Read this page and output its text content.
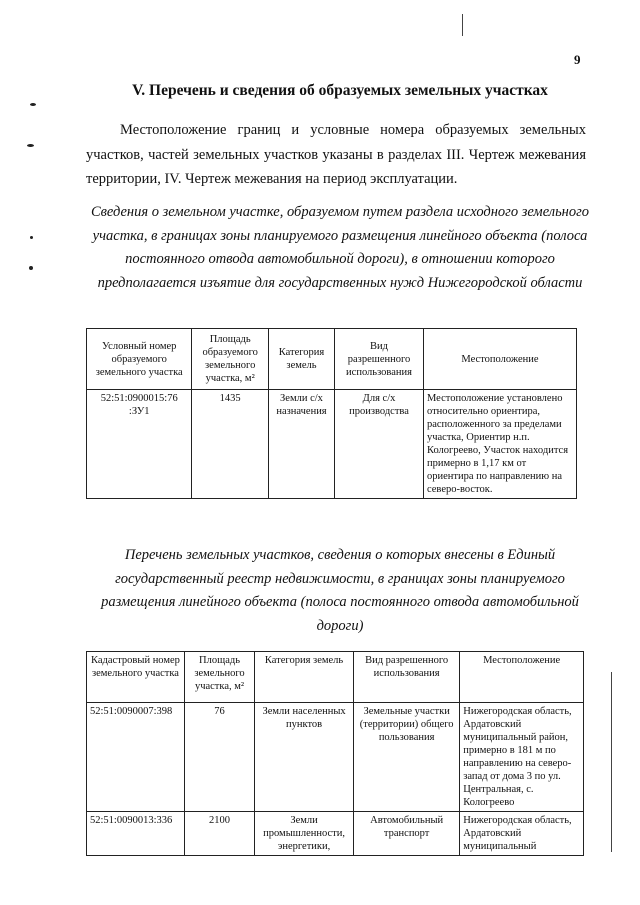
9
V. Перечень и сведения об образуемых земельных участках
Местоположение границ и условные номера образуемых земельных участков, частей земельных участков указаны в разделах III. Чертеж межевания территории, IV. Чертеж межевания на период эксплуатации.
Сведения о земельном участке, образуемом путем раздела исходного земельного участка, в границах зоны планируемого размещения линейного объекта (полоса постоянного отвода автомобильной дороги), в отношении которого предполагается изъятие для государственных нужд Нижегородской области
Условный номер образуемого земельного участка	Площадь образуемого земельного участка, м²	Категория земель	Вид разрешенного использования	Местоположение
52:51:0900015:76 :ЗУ1	1435	Земли с/х назначения	Для с/х производства	Местоположение установлено относительно ориентира, расположенного за пределами участка, Ориентир н.п. Кологреево, Участок находится примерно в 1,17 км от ориентира по направлению на северо-восток.
Перечень земельных участков, сведения о которых внесены в Единый государственный реестр недвижимости, в границах зоны планируемого размещения линейного объекта (полоса постоянного отвода автомобильной дороги)
Кадастровый номер земельного участка	Площадь земельного участка, м²	Категория земель	Вид разрешенного использования	Местоположение
52:51:0090007:398	76	Земли населенных пунктов	Земельные участки (территории) общего пользования	Нижегородская область, Ардатовский муниципальный район, примерно в 181 м по направлению на северо-запад от дома 3 по ул. Центральная, с. Кологреево
52:51:0090013:336	2100	Земли промышленности, энергетики,	Автомобильный транспорт	Нижегородская область, Ардатовский муниципальный
